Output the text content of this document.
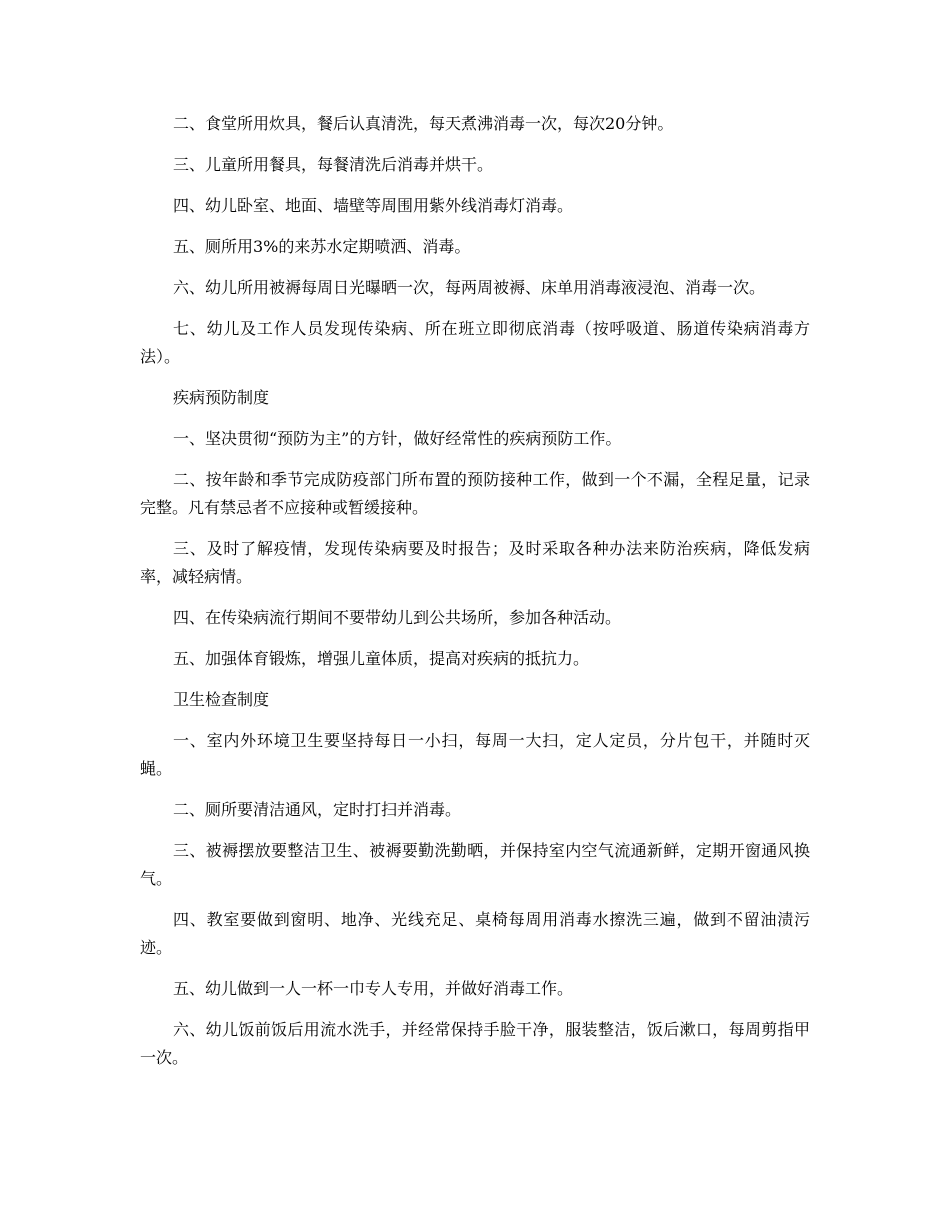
二、食堂所用炊具，餐后认真清洗，每天煮沸消毒一次，每次20分钟。

三、儿童所用餐具，每餐清洗后消毒并烘干。

四、幼儿卧室、地面、墙壁等周围用紫外线消毒灯消毒。

五、厕所用3%的来苏水定期喷洒、消毒。

六、幼儿所用被褥每周日光曝晒一次，每两周被褥、床单用消毒液浸泡、消毒一次。

七、幼儿及工作人员发现传染病、所在班立即彻底消毒（按呼吸道、肠道传染病消毒方法）。

疾病预防制度

一、坚决贯彻“预防为主”的方针，做好经常性的疾病预防工作。

二、按年龄和季节完成防疫部门所布置的预防接种工作，做到一个不漏，全程足量，记录完整。凡有禁忌者不应接种或暂缓接种。

三、及时了解疫情，发现传染病要及时报告；及时采取各种办法来防治疾病，降低发病率，减轻病情。

四、在传染病流行期间不要带幼儿到公共场所，参加各种活动。

五、加强体育锻炼，增强儿童体质，提高对疾病的抵抗力。

卫生检查制度

一、室内外环境卫生要坚持每日一小扫，每周一大扫，定人定员，分片包干，并随时灭蝇。

二、厕所要清洁通风，定时打扫并消毒。

三、被褥摆放要整洁卫生、被褥要勤洗勤晒，并保持室内空气流通新鲜，定期开窗通风换气。

四、教室要做到窗明、地净、光线充足、桌椅每周用消毒水擦洗三遍，做到不留油渍污迹。

五、幼儿做到一人一杯一巾专人专用，并做好消毒工作。

六、幼儿饭前饭后用流水洗手，并经常保持手脸干净，服装整洁，饭后漱口，每周剪指甲一次。
